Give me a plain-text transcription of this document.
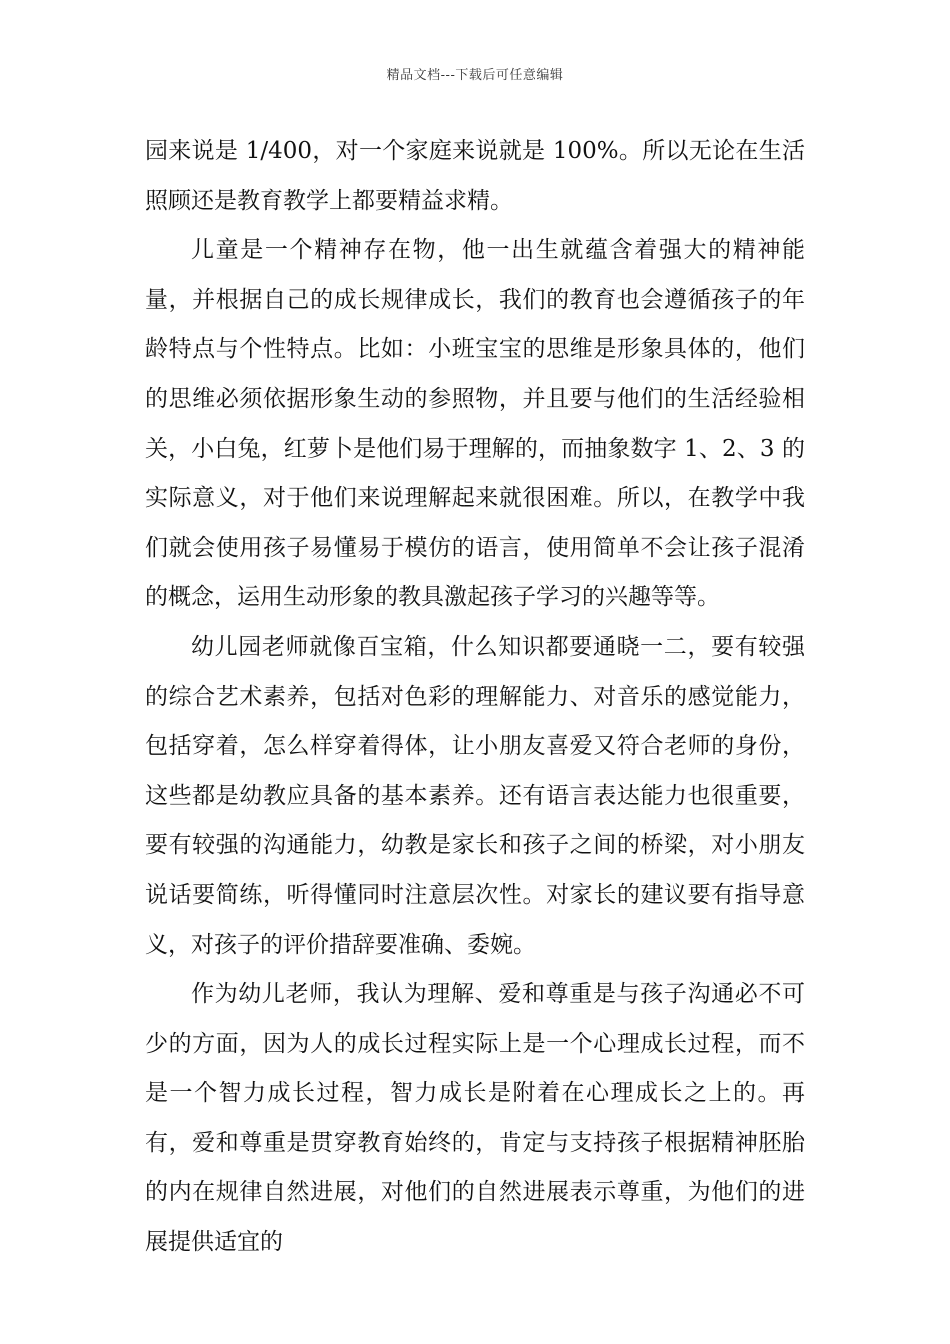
精品文档---下载后可任意编辑

园来说是 1/400，对一个家庭来说就是 100%。所以无论在生活照顾还是教育教学上都要精益求精。

儿童是一个精神存在物，他一出生就蕴含着强大的精神能量，并根据自己的成长规律成长，我们的教育也会遵循孩子的年龄特点与个性特点。比如：小班宝宝的思维是形象具体的，他们的思维必须依据形象生动的参照物，并且要与他们的生活经验相关，小白兔，红萝卜是他们易于理解的，而抽象数字 1、2、3 的实际意义，对于他们来说理解起来就很困难。所以，在教学中我们就会使用孩子易懂易于模仿的语言，使用简单不会让孩子混淆的概念，运用生动形象的教具激起孩子学习的兴趣等等。

幼儿园老师就像百宝箱，什么知识都要通晓一二，要有较强的综合艺术素养，包括对色彩的理解能力、对音乐的感觉能力，包括穿着，怎么样穿着得体，让小朋友喜爱又符合老师的身份，这些都是幼教应具备的基本素养。还有语言表达能力也很重要，要有较强的沟通能力，幼教是家长和孩子之间的桥梁，对小朋友说话要简练，听得懂同时注意层次性。对家长的建议要有指导意义，对孩子的评价措辞要准确、委婉。

作为幼儿老师，我认为理解、爱和尊重是与孩子沟通必不可少的方面，因为人的成长过程实际上是一个心理成长过程，而不是一个智力成长过程，智力成长是附着在心理成长之上的。再有，爱和尊重是贯穿教育始终的，肯定与支持孩子根据精神胚胎的内在规律自然进展，对他们的自然进展表示尊重，为他们的进展提供适宜的
